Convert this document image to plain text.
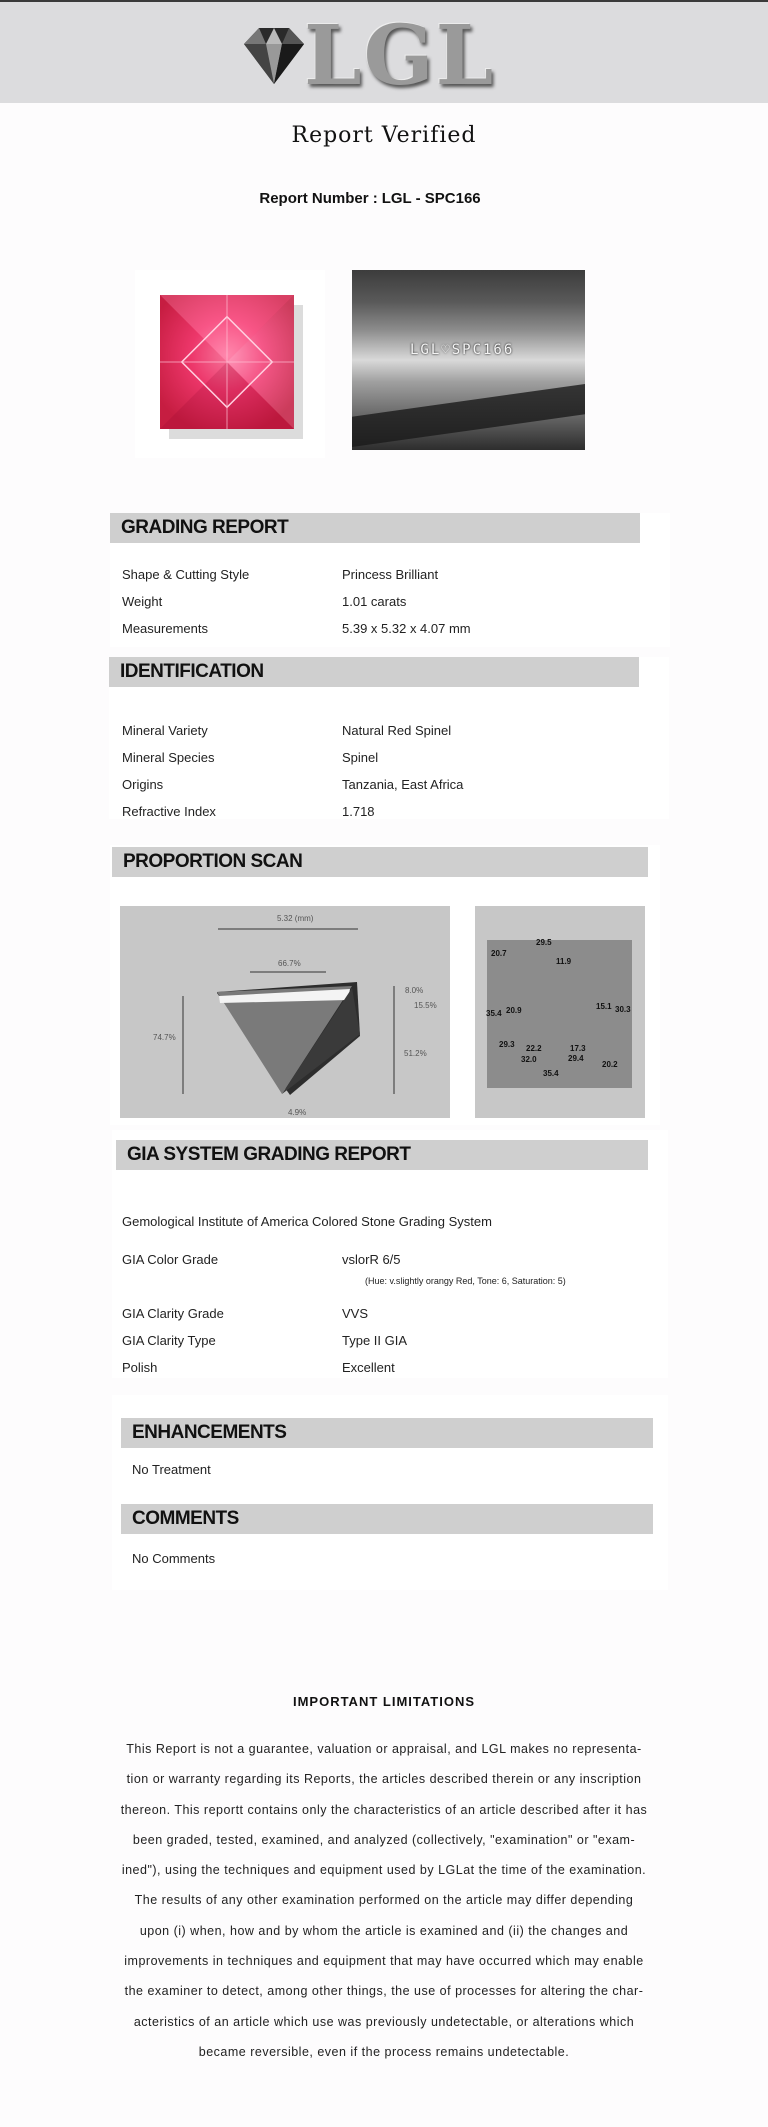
LGL
Report Verified
Report Number : LGL - SPC166
LGL♡SPC166
GRADING REPORT
Shape & Cutting Style	Princess Brilliant
Weight	1.01 carats
Measurements	5.39 x 5.32 x 4.07 mm
IDENTIFICATION
Mineral Variety	Natural Red Spinel
Mineral Species	Spinel
Origins	Tanzania, East Africa
Refractive Index	1.718
PROPORTION SCAN
5.32 (mm)
66.7%
74.7%
8.0%
15.5%
51.2%
4.9%
29.5
20.7
11.9
35.4 20.9	15.1 30.3
29.3 22.2	17.3
32.0	29.4
20.2
35.4
GIA SYSTEM GRADING REPORT
Gemological Institute of America Colored Stone Grading System
GIA Color Grade	vslorR 6/5
(Hue: v.slightly orangy Red, Tone: 6, Saturation: 5)
GIA Clarity Grade	VVS
GIA Clarity Type	Type II GIA
Polish	Excellent
ENHANCEMENTS
No Treatment
COMMENTS
No Comments
IMPORTANT LIMITATIONS
This Report is not a guarantee, valuation or appraisal, and LGL makes no representa-
tion or warranty regarding its Reports, the articles described therein or any inscription
thereon. This reportt contains only the characteristics of an article described after it has
been graded, tested, examined, and analyzed (collectively, "examination" or "exam-
ined"), using the techniques and equipment used by LGLat the time of the examination.
The results of any other examination performed on the article may differ depending
upon (i) when, how and by whom the article is examined and (ii) the changes and
improvements in techniques and equipment that may have occurred which may enable
the examiner to detect, among other things, the use of processes for altering the char-
acteristics of an article which use was previously undetectable, or alterations which
became reversible, even if the process remains undetectable.
